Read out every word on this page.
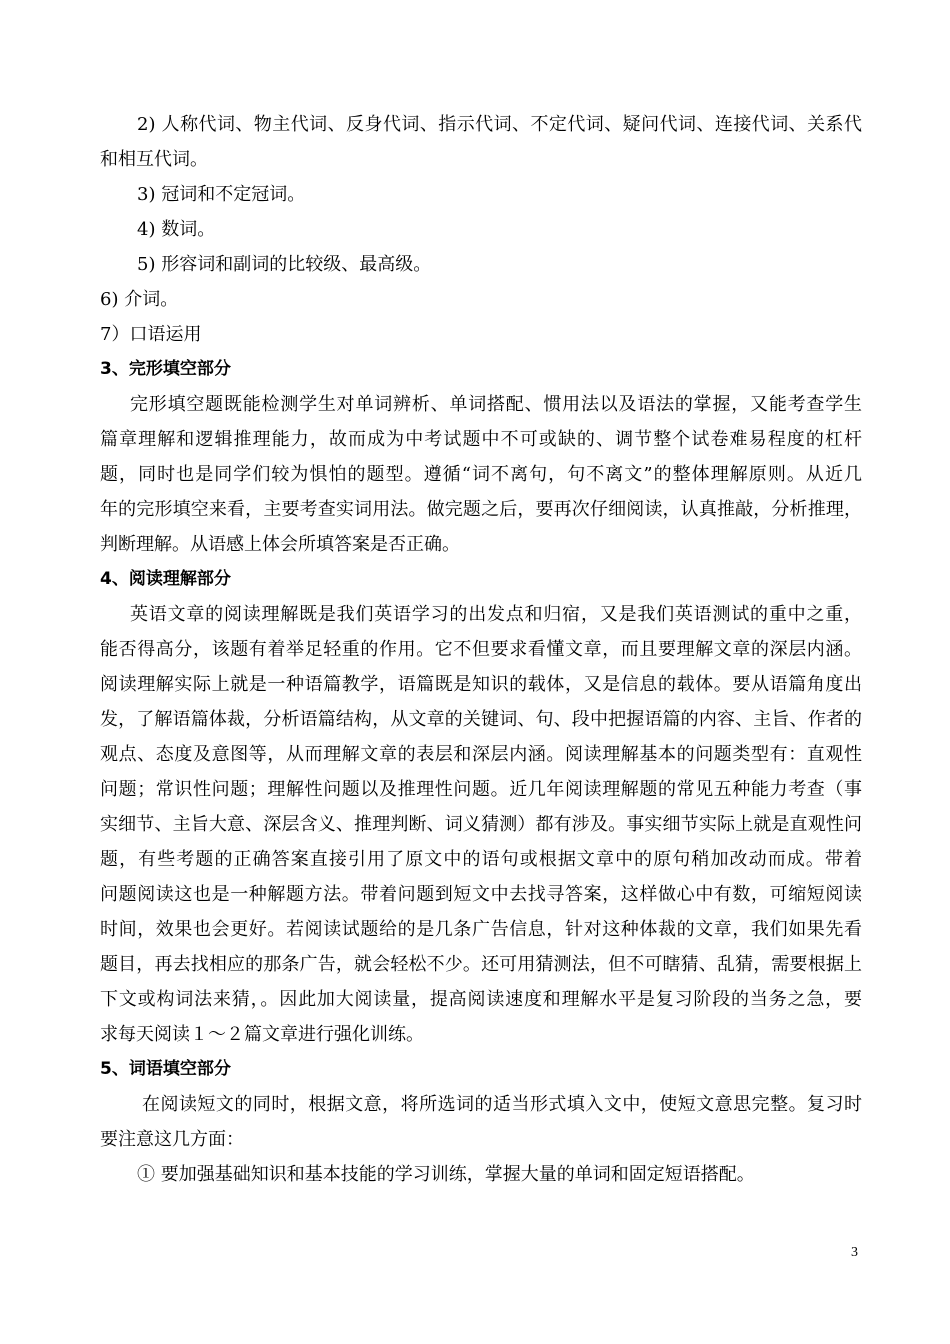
2) 人称代词、物主代词、反身代词、指示代词、不定代词、疑问代词、连接代词、关系代
和相互代词。
3) 冠词和不定冠词。
4) 数词。
5) 形容词和副词的比较级、最高级。
6) 介词。
7）口语运用
3、完形填空部分
完形填空题既能检测学生对单词辨析、单词搭配、惯用法以及语法的掌握，又能考查学生
篇章理解和逻辑推理能力，故而成为中考试题中不可或缺的、调节整个试卷难易程度的杠杆
题，同时也是同学们较为惧怕的题型。遵循“词不离句，句不离文”的整体理解原则。从近几
年的完形填空来看，主要考查实词用法。做完题之后，要再次仔细阅读，认真推敲，分析推理，
判断理解。从语感上体会所填答案是否正确。
4、阅读理解部分
英语文章的阅读理解既是我们英语学习的出发点和归宿，又是我们英语测试的重中之重，
能否得高分，该题有着举足轻重的作用。它不但要求看懂文章，而且要理解文章的深层内涵。
阅读理解实际上就是一种语篇教学，语篇既是知识的载体，又是信息的载体。要从语篇角度出
发，了解语篇体裁，分析语篇结构，从文章的关键词、句、段中把握语篇的内容、主旨、作者的
观点、态度及意图等，从而理解文章的表层和深层内涵。阅读理解基本的问题类型有：直观性
问题；常识性问题；理解性问题以及推理性问题。近几年阅读理解题的常见五种能力考查（事
实细节、主旨大意、深层含义、推理判断、词义猜测）都有涉及。事实细节实际上就是直观性问
题，有些考题的正确答案直接引用了原文中的语句或根据文章中的原句稍加改动而成。带着
问题阅读这也是一种解题方法。带着问题到短文中去找寻答案，这样做心中有数，可缩短阅读
时间，效果也会更好。若阅读试题给的是几条广告信息，针对这种体裁的文章，我们如果先看
题目，再去找相应的那条广告，就会轻松不少。还可用猜测法，但不可瞎猜、乱猜，需要根据上
下文或构词法来猜，。因此加大阅读量，提高阅读速度和理解水平是复习阶段的当务之急，要
求每天阅读１～２篇文章进行强化训练。
5、词语填空部分
在阅读短文的同时，根据文意，将所选词的适当形式填入文中，使短文意思完整。复习时
要注意这几方面：
① 要加强基础知识和基本技能的学习训练，掌握大量的单词和固定短语搭配。
3
